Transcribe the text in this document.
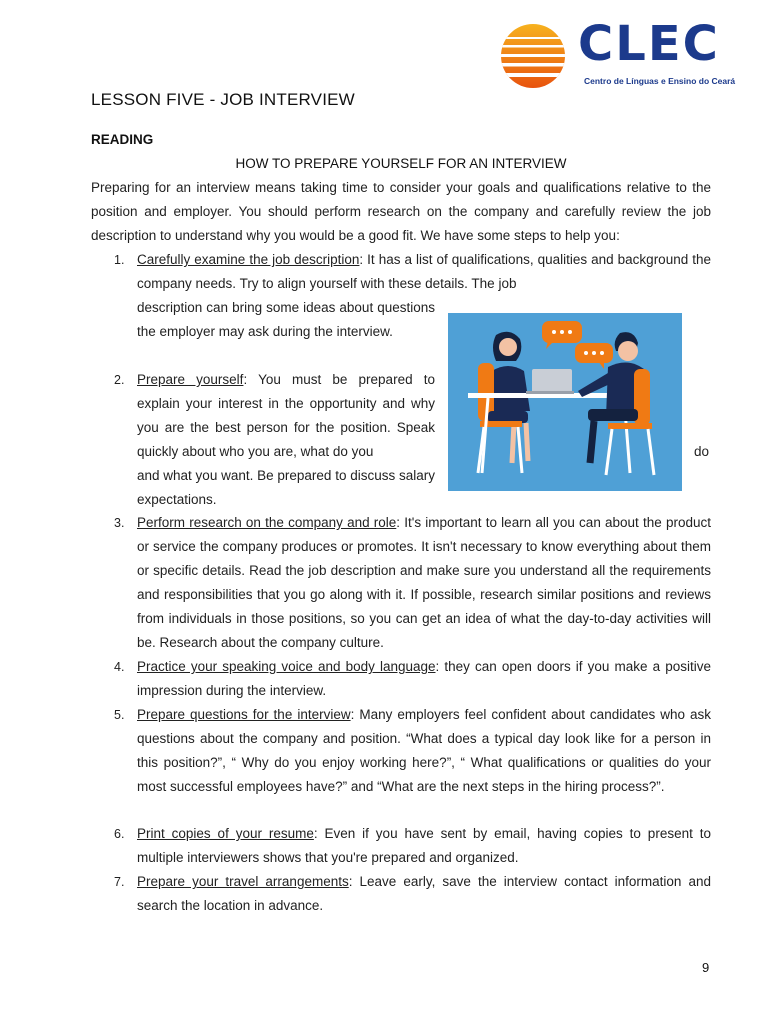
CLEC
Centro de Línguas e Ensino do Ceará
LESSON FIVE - JOB INTERVIEW
READING
HOW TO PREPARE YOURSELF FOR AN INTERVIEW
Preparing for an interview means taking time to consider your goals and qualifications relative to the position and employer. You should perform research on the company and carefully review the job description to understand why you would be a good fit. We have some steps to help you:
1. Carefully examine the job description: It has a list of qualifications, qualities and background the company needs. Try to align yourself with these details. The job
description can bring some ideas about questions the employer may ask during the interview.
2. Prepare yourself: You must be prepared to explain your interest in the opportunity and why you are the best person for the position. Speak quickly about who you are, what do you
and what you want. Be prepared to discuss salary expectations.
do
3. Perform research on the company and role: It's important to learn all you can about the product or service the company produces or promotes. It isn't necessary to know everything about them or specific details. Read the job description and make sure you understand all the requirements and responsibilities that you go along with it. If possible, research similar positions and reviews from individuals in those positions, so you can get an idea of what the day-to-day activities will be. Research about the company culture.
4. Practice your speaking voice and body language: they can open doors if you make a positive impression during the interview.
5. Prepare questions for the interview: Many employers feel confident about candidates who ask questions about the company and position. “What does a typical day look like for a person in this position?”, “ Why do you enjoy working here?”, “ What qualifications or qualities do your most successful employees have?” and “What are the next steps in the hiring process?”.
6. Print copies of your resume: Even if you have sent by email, having copies to present to multiple interviewers shows that you're prepared and organized.
7. Prepare your travel arrangements: Leave early, save the interview contact information and search the location in advance.
9
